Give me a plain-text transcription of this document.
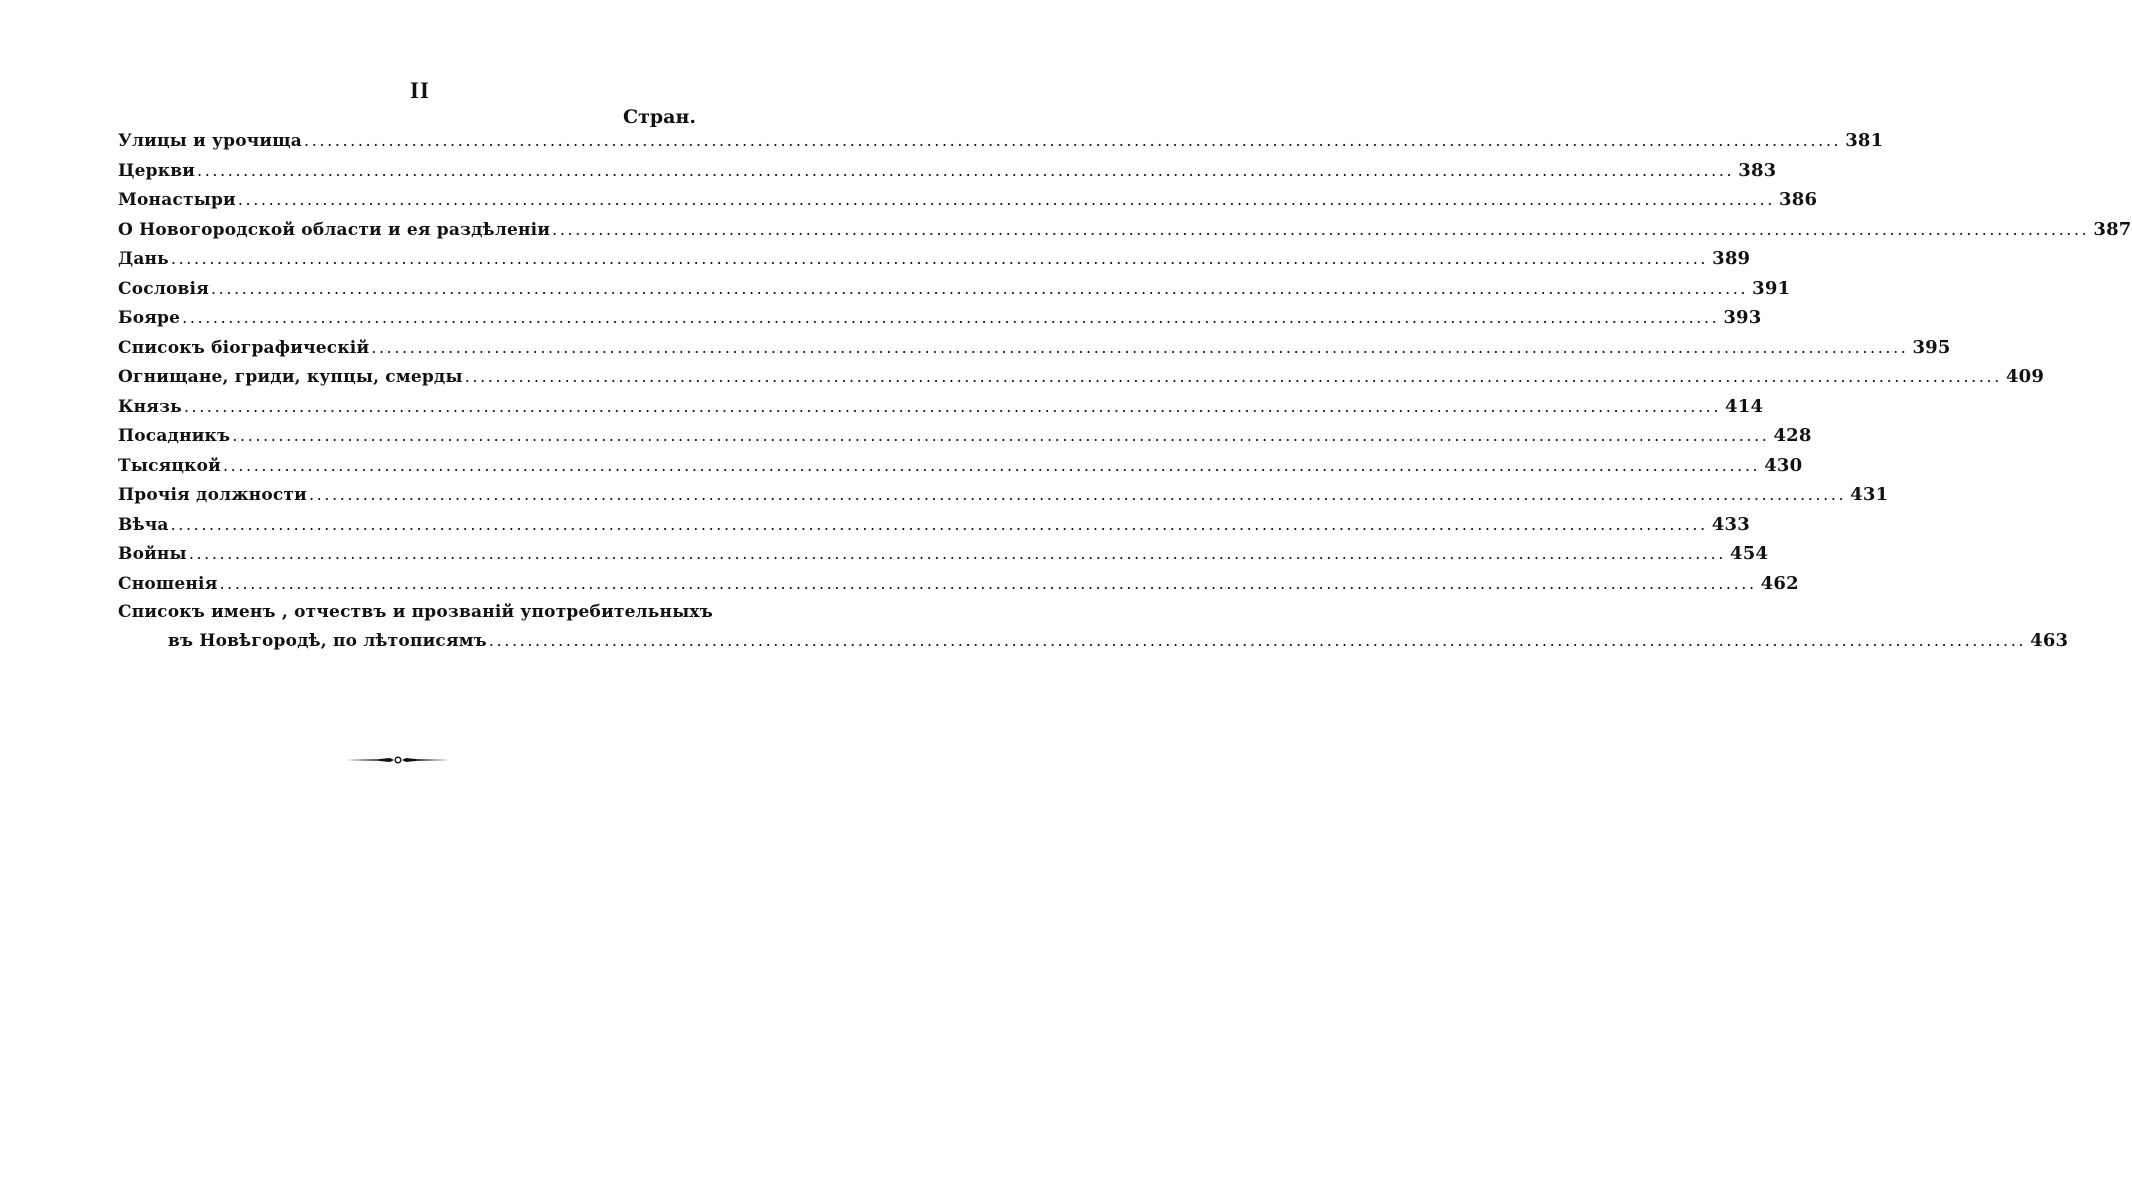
II
Стран.
Улицы и урочища ........................................................................................................................................................................................................ 381
Церкви ........................................................................................................................................................................................................ 383
Монастыри ........................................................................................................................................................................................................ 386
О Новогородской области и ея раздѣленіи ........................................................................................................................................................................................................ 387
Дань ........................................................................................................................................................................................................ 389
Сословія ........................................................................................................................................................................................................ 391
Бояре ........................................................................................................................................................................................................ 393
Списокъ біографическій ........................................................................................................................................................................................................ 395
Огнищане, гриди, купцы, смерды ........................................................................................................................................................................................................ 409
Князь ........................................................................................................................................................................................................ 414
Посадникъ ........................................................................................................................................................................................................ 428
Тысяцкой ........................................................................................................................................................................................................ 430
Прочія должности ........................................................................................................................................................................................................ 431
Вѣча ........................................................................................................................................................................................................ 433
Войны ........................................................................................................................................................................................................ 454
Сношенія ........................................................................................................................................................................................................ 462
Списокъ именъ , отчествъ и прозваній употребительныхъ
въ Новѣгородѣ, по лѣтописямъ ........................................................................................................................................................................................................ 463
